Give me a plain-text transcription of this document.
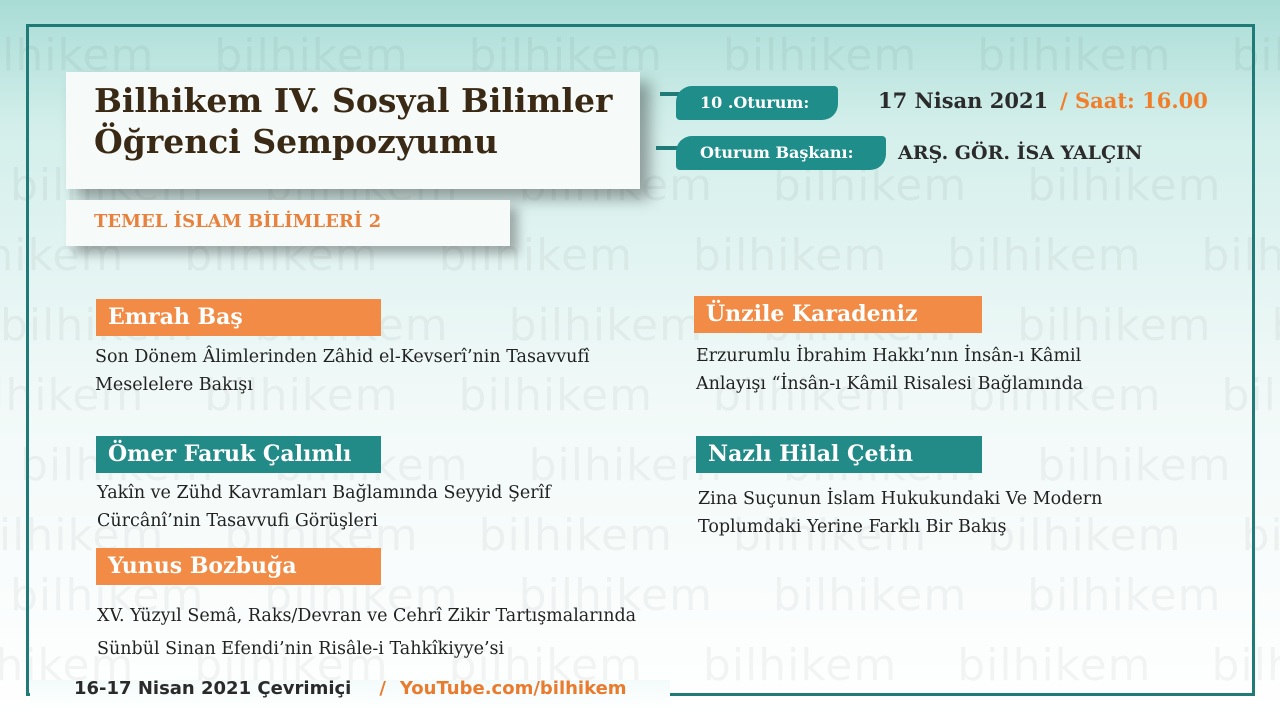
Bilhikem IV. Sosyal Bilimler
Öğrenci Sempozyumu
TEMEL İSLAM BİLİMLERİ 2
10 .Oturum:	17 Nisan 2021 / Saat: 16.00
Oturum Başkanı:	ARŞ. GÖR. İSA YALÇIN
Emrah Baş

Son Dönem Âlimlerinden Zâhid el-Kevserî’nin Tasavvufî
Meselelere Bakışı

Ünzile Karadeniz

Erzurumlu İbrahim Hakkı’nın İnsân-ı Kâmil
Anlayışı “İnsân-ı Kâmil Risalesi Bağlamında

Ömer Faruk Çalımlı

Yakîn ve Zühd Kavramları Bağlamında Seyyid Şerîf
Cürcânî’nin Tasavvufi Görüşleri

Nazlı Hilal Çetin

Zina Suçunun İslam Hukukundaki Ve Modern
Toplumdaki Yerine Farklı Bir Bakış

Yunus Bozbuğa

XV. Yüzyıl Semâ, Raks/Devran ve Cehrî Zikir Tartışmalarında
Sünbül Sinan Efendi’nin Risâle-i Tahkîkiyye’si

16-17 Nisan 2021 Çevrimiçi / YouTube.com/bilhikem
